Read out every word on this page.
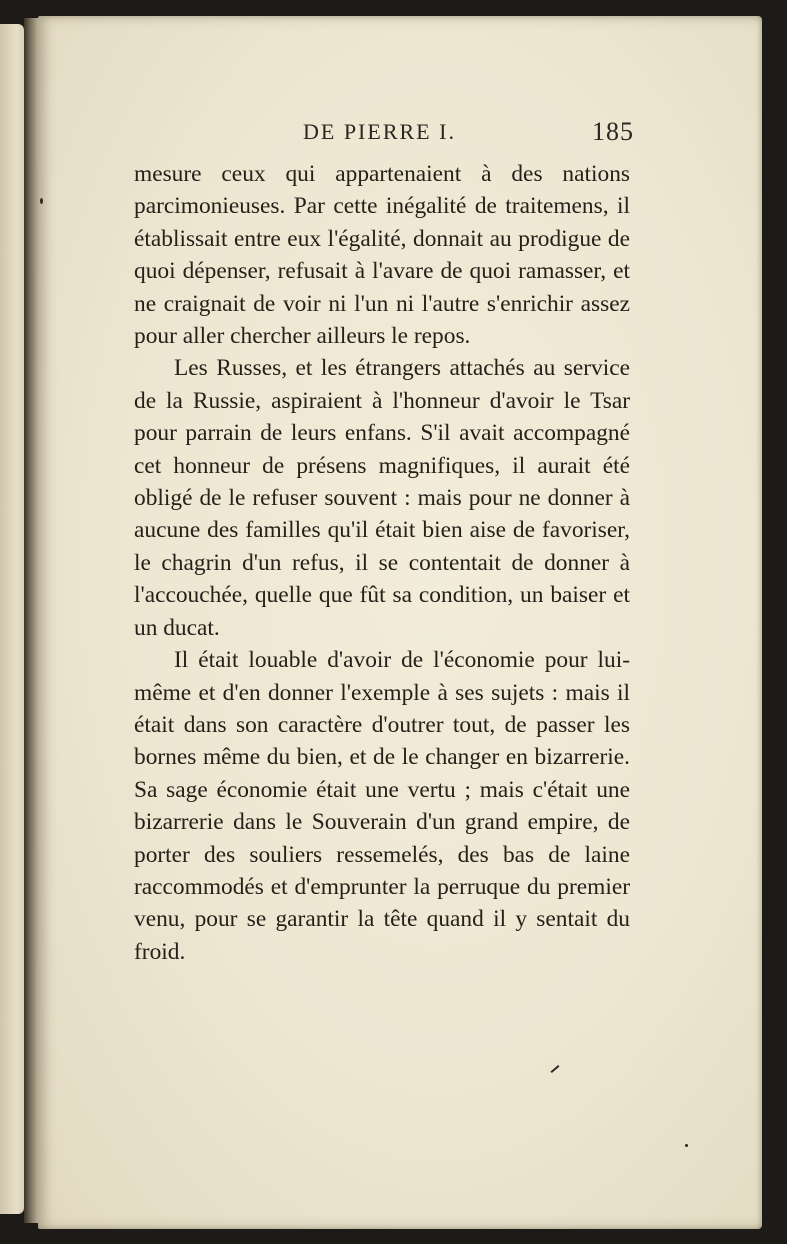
DE PIERRE I.	185

mesure ceux qui appartenaient à des nations parcimonieuses. Par cette inégalité de traitemens, il établissait entre eux l'égalité, donnait au prodigue de quoi dépenser, refusait à l'avare de quoi ramasser, et ne craignait de voir ni l'un ni l'autre s'enrichir assez pour aller chercher ailleurs le repos.

Les Russes, et les étrangers attachés au service de la Russie, aspiraient à l'honneur d'avoir le Tsar pour parrain de leurs enfans. S'il avait accompagné cet honneur de présens magnifiques, il aurait été obligé de le refuser souvent : mais pour ne donner à aucune des familles qu'il était bien aise de favoriser, le chagrin d'un refus, il se contentait de donner à l'accouchée, quelle que fût sa condition, un baiser et un ducat.

Il était louable d'avoir de l'économie pour lui-même et d'en donner l'exemple à ses sujets : mais il était dans son caractère d'outrer tout, de passer les bornes même du bien, et de le changer en bizarrerie. Sa sage économie était une vertu ; mais c'était une bizarrerie dans le Souverain d'un grand empire, de porter des souliers ressemelés, des bas de laine raccommodés et d'emprunter la perruque du premier venu, pour se garantir la tête quand il y sentait du froid.
